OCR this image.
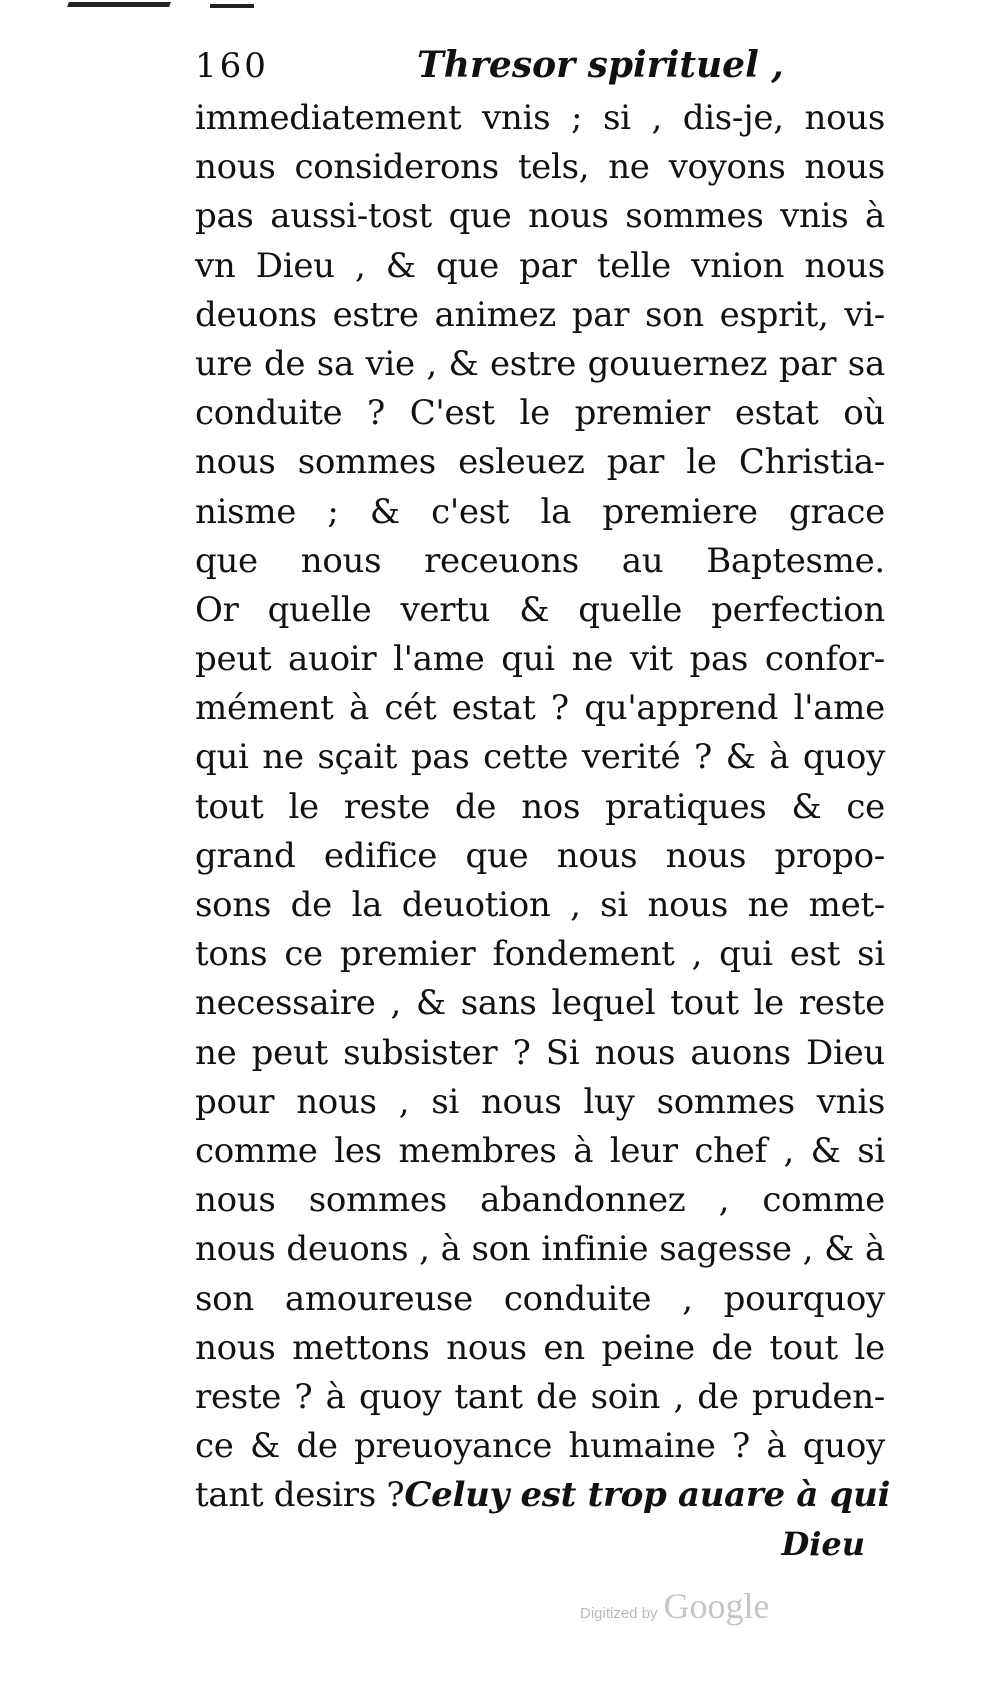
160	Thresor spirituel ,
immediatement vnis ; si , dis-je, nous
nous considerons tels, ne voyons nous
pas aussi-tost que nous sommes vnis à
vn Dieu , & que par telle vnion nous
deuons estre animez par son esprit, vi-
ure de sa vie , & estre gouuernez par sa
conduite ? C'est le premier estat où
nous sommes esleuez par le Christia-
nisme ; & c'est la premiere grace
que nous receuons au Baptesme.
Or quelle vertu & quelle perfection
peut auoir l'ame qui ne vit pas confor-
mément à cét estat ? qu'apprend l'ame
qui ne sçait pas cette verité ? & à quoy
tout le reste de nos pratiques & ce
grand edifice que nous nous propo-
sons de la deuotion , si nous ne met-
tons ce premier fondement , qui est si
necessaire , & sans lequel tout le reste
ne peut subsister ? Si nous auons Dieu
pour nous , si nous luy sommes vnis
comme les membres à leur chef , & si
nous sommes abandonnez , comme
nous deuons , à son infinie sagesse , & à
son amoureuse conduite , pourquoy
nous mettons nous en peine de tout le
reste ? à quoy tant de soin , de pruden-
ce & de preuoyance humaine ? à quoy
tant desirs ? Celuy est trop auare à qui
Dieu
Digitized by Google
